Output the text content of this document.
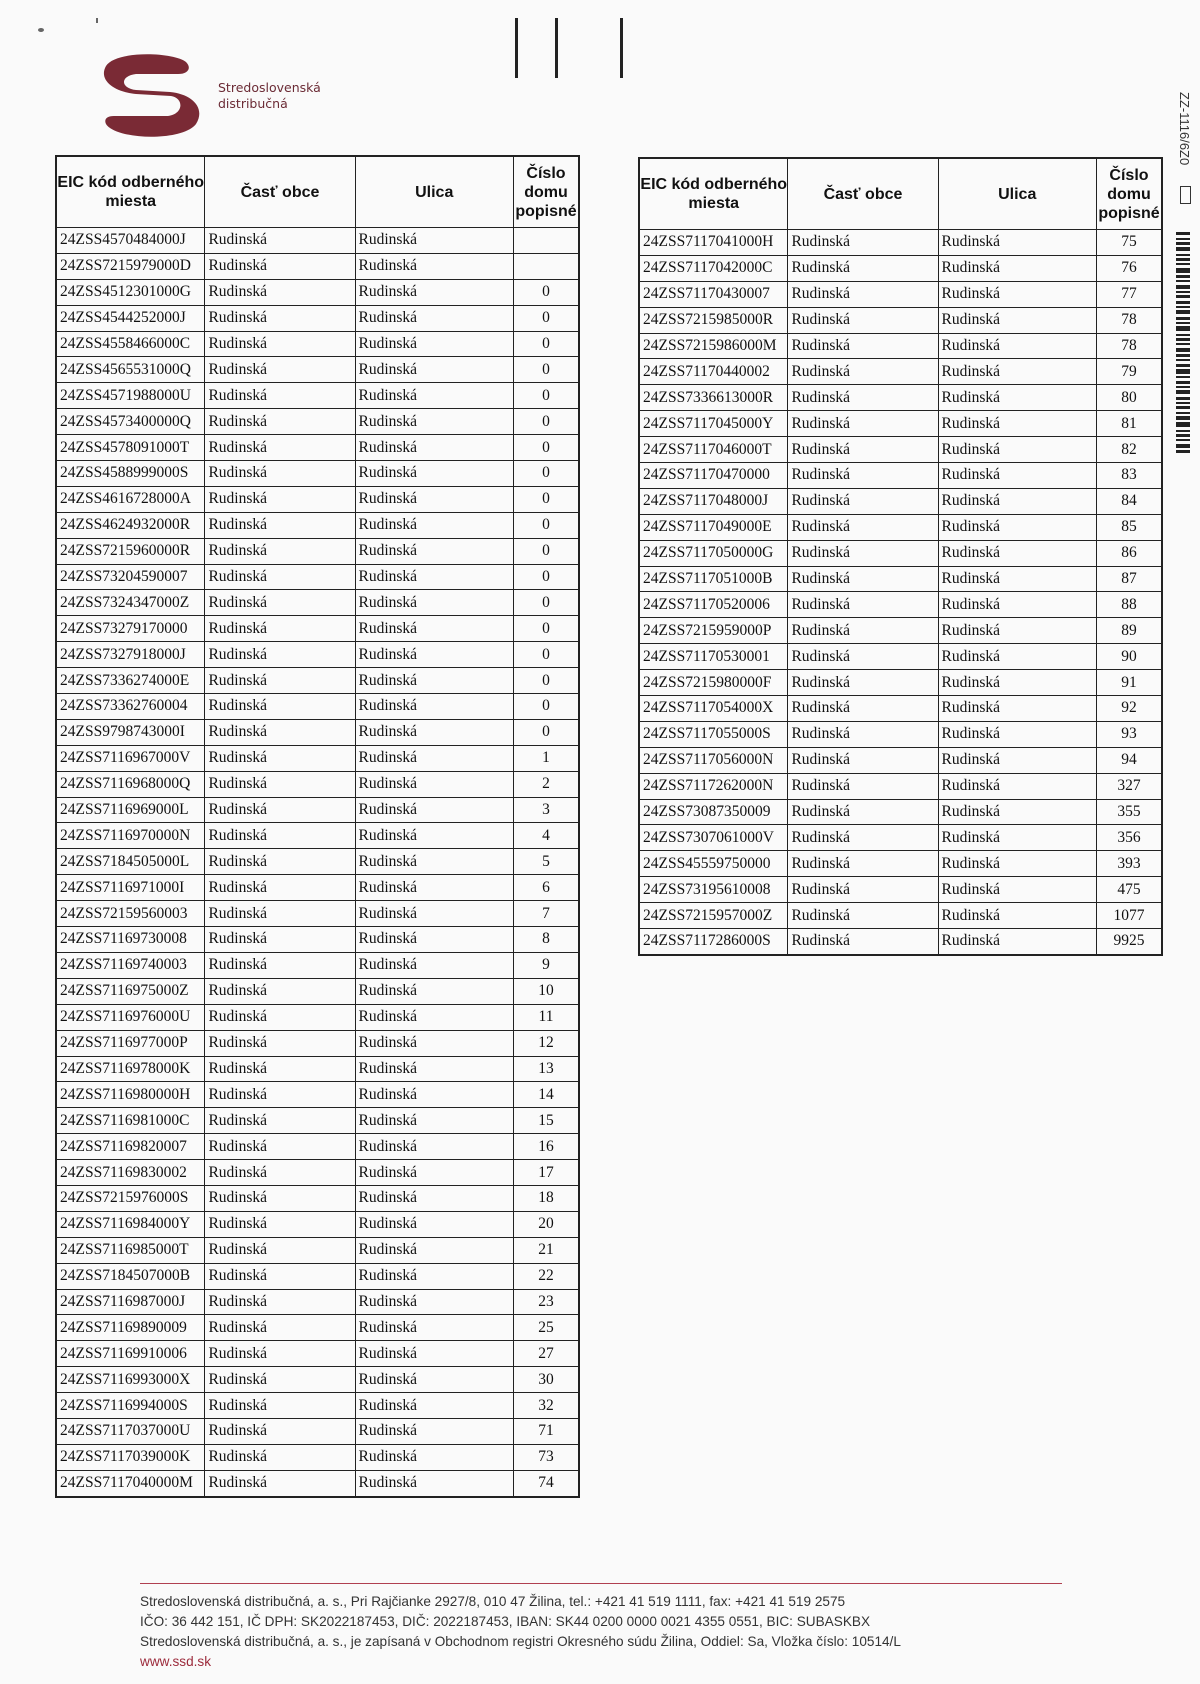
Stredoslovenská
distribučná	ZZ-1116/6Z0
EIC kód odberného miesta	Časť obce	Ulica	Číslo domu popisné
24ZSS4570484000J	Rudinská	Rudinská	
24ZSS7215979000D	Rudinská	Rudinská	
24ZSS4512301000G	Rudinská	Rudinská	0
24ZSS4544252000J	Rudinská	Rudinská	0
24ZSS4558466000C	Rudinská	Rudinská	0
24ZSS4565531000Q	Rudinská	Rudinská	0
24ZSS4571988000U	Rudinská	Rudinská	0
24ZSS4573400000Q	Rudinská	Rudinská	0
24ZSS4578091000T	Rudinská	Rudinská	0
24ZSS4588999000S	Rudinská	Rudinská	0
24ZSS4616728000A	Rudinská	Rudinská	0
24ZSS4624932000R	Rudinská	Rudinská	0
24ZSS7215960000R	Rudinská	Rudinská	0
24ZSS73204590007	Rudinská	Rudinská	0
24ZSS7324347000Z	Rudinská	Rudinská	0
24ZSS73279170000	Rudinská	Rudinská	0
24ZSS7327918000J	Rudinská	Rudinská	0
24ZSS7336274000E	Rudinská	Rudinská	0
24ZSS73362760004	Rudinská	Rudinská	0
24ZSS9798743000I	Rudinská	Rudinská	0
24ZSS7116967000V	Rudinská	Rudinská	1
24ZSS7116968000Q	Rudinská	Rudinská	2
24ZSS7116969000L	Rudinská	Rudinská	3
24ZSS7116970000N	Rudinská	Rudinská	4
24ZSS7184505000L	Rudinská	Rudinská	5
24ZSS7116971000I	Rudinská	Rudinská	6
24ZSS72159560003	Rudinská	Rudinská	7
24ZSS71169730008	Rudinská	Rudinská	8
24ZSS71169740003	Rudinská	Rudinská	9
24ZSS7116975000Z	Rudinská	Rudinská	10
24ZSS7116976000U	Rudinská	Rudinská	11
24ZSS7116977000P	Rudinská	Rudinská	12
24ZSS7116978000K	Rudinská	Rudinská	13
24ZSS7116980000H	Rudinská	Rudinská	14
24ZSS7116981000C	Rudinská	Rudinská	15
24ZSS71169820007	Rudinská	Rudinská	16
24ZSS71169830002	Rudinská	Rudinská	17
24ZSS7215976000S	Rudinská	Rudinská	18
24ZSS7116984000Y	Rudinská	Rudinská	20
24ZSS7116985000T	Rudinská	Rudinská	21
24ZSS7184507000B	Rudinská	Rudinská	22
24ZSS7116987000J	Rudinská	Rudinská	23
24ZSS71169890009	Rudinská	Rudinská	25
24ZSS71169910006	Rudinská	Rudinská	27
24ZSS7116993000X	Rudinská	Rudinská	30
24ZSS7116994000S	Rudinská	Rudinská	32
24ZSS7117037000U	Rudinská	Rudinská	71
24ZSS7117039000K	Rudinská	Rudinská	73
24ZSS7117040000M	Rudinská	Rudinská	74
EIC kód odberného miesta	Časť obce	Ulica	Číslo domu popisné
24ZSS7117041000H	Rudinská	Rudinská	75
24ZSS7117042000C	Rudinská	Rudinská	76
24ZSS71170430007	Rudinská	Rudinská	77
24ZSS7215985000R	Rudinská	Rudinská	78
24ZSS7215986000M	Rudinská	Rudinská	78
24ZSS71170440002	Rudinská	Rudinská	79
24ZSS7336613000R	Rudinská	Rudinská	80
24ZSS7117045000Y	Rudinská	Rudinská	81
24ZSS7117046000T	Rudinská	Rudinská	82
24ZSS71170470000	Rudinská	Rudinská	83
24ZSS7117048000J	Rudinská	Rudinská	84
24ZSS7117049000E	Rudinská	Rudinská	85
24ZSS7117050000G	Rudinská	Rudinská	86
24ZSS7117051000B	Rudinská	Rudinská	87
24ZSS71170520006	Rudinská	Rudinská	88
24ZSS7215959000P	Rudinská	Rudinská	89
24ZSS71170530001	Rudinská	Rudinská	90
24ZSS7215980000F	Rudinská	Rudinská	91
24ZSS7117054000X	Rudinská	Rudinská	92
24ZSS7117055000S	Rudinská	Rudinská	93
24ZSS7117056000N	Rudinská	Rudinská	94
24ZSS7117262000N	Rudinská	Rudinská	327
24ZSS73087350009	Rudinská	Rudinská	355
24ZSS7307061000V	Rudinská	Rudinská	356
24ZSS45559750000	Rudinská	Rudinská	393
24ZSS73195610008	Rudinská	Rudinská	475
24ZSS7215957000Z	Rudinská	Rudinská	1077
24ZSS7117286000S	Rudinská	Rudinská	9925
Stredoslovenská distribučná, a. s., Pri Rajčianke 2927/8, 010 47 Žilina, tel.: +421 41 519 1111, fax: +421 41 519 2575
IČO: 36 442 151, IČ DPH: SK2022187453, DIČ: 2022187453, IBAN: SK44 0200 0000 0021 4355 0551, BIC: SUBASKBX
Stredoslovenská distribučná, a. s., je zapísaná v Obchodnom registri Okresného súdu Žilina, Oddiel: Sa, Vložka číslo: 10514/L
www.ssd.sk
